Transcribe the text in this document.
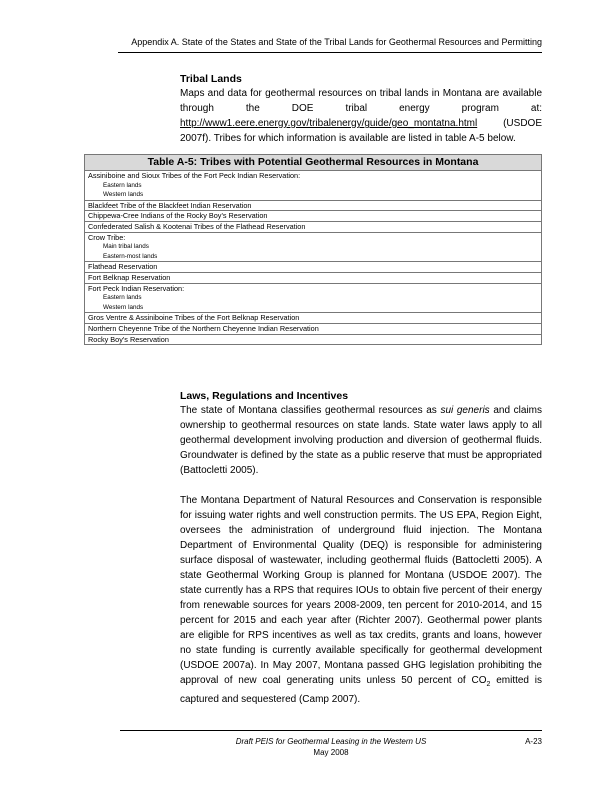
Appendix A. State of the States and State of the Tribal Lands for Geothermal Resources and Permitting

Tribal Lands

Maps and data for geothermal resources on tribal lands in Montana are available through the DOE tribal energy program at: http://www1.eere.energy.gov/tribalenergy/guide/geo_montatna.html	(USDOE 2007f). Tribes for which information is available are listed in table A-5 below.

Table A-5: Tribes with Potential Geothermal Resources in Montana
Assiniboine and Sioux Tribes of the Fort Peck Indian Reservation:
Eastern lands
Western lands

Blackfeet Tribe of the Blackfeet Indian Reservation
Chippewa-Cree Indians of the Rocky Boy's Reservation
Confederated Salish & Kootenai Tribes of the Flathead Reservation
Crow Tribe:
Main tribal lands
Eastern-most lands

Flathead Reservation
Fort Belknap Reservation
Fort Peck Indian Reservation:
Eastern lands
Western lands

Gros Ventre & Assiniboine Tribes of the Fort Belknap Reservation
Northern Cheyenne Tribe of the Northern Cheyenne Indian Reservation
Rocky Boy's Reservation

Laws, Regulations and Incentives

The state of Montana classifies geothermal resources as sui generis and claims ownership to geothermal resources on state lands. State water laws apply to all geothermal development involving production and diversion of geothermal fluids. Groundwater is defined by the state as a public reserve that must be appropriated (Battocletti 2005).

The Montana Department of Natural Resources and Conservation is responsible for issuing water rights and well construction permits. The US EPA, Region Eight, oversees the administration of underground fluid injection. The Montana Department of Environmental Quality (DEQ) is responsible for administering surface disposal of wastewater, including geothermal fluids (Battocletti 2005). A state Geothermal Working Group is planned for Montana (USDOE 2007). The state currently has a RPS that requires IOUs to obtain five percent of their energy from renewable sources for years 2008-2009, ten percent for 2010-2014, and 15 percent for 2015 and each year after (Richter 2007). Geothermal power plants are eligible for RPS incentives as well as tax credits, grants and loans, however no state funding is currently available specifically for geothermal development (USDOE 2007a). In May 2007, Montana passed GHG legislation prohibiting the approval of new coal generating units unless 50 percent of $CO_2$ emitted is captured and sequestered (Camp 2007).

Draft PEIS for Geothermal Leasing in the Western US
May 2008
A-23
